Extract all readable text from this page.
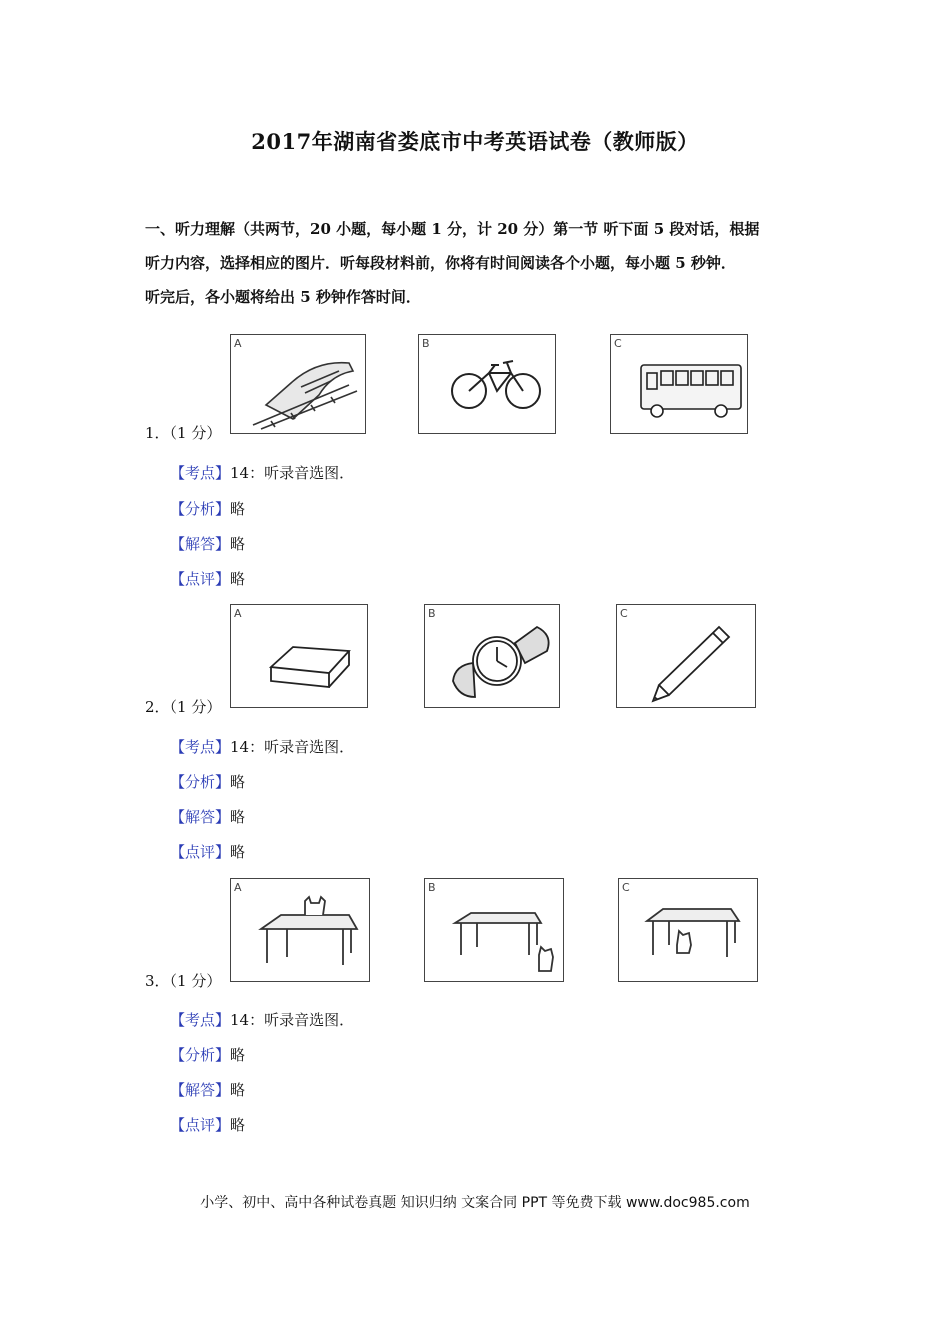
2017年湖南省娄底市中考英语试卷（教师版）

一、听力理解（共两节，20 小题，每小题 1 分，计 20 分）第一节 听下面 5 段对话，根据

听力内容，选择相应的图片．听每段材料前，你将有时间阅读各个小题，每小题 5 秒钟．

听完后，各小题将给出 5 秒钟作答时间．

A	B	C
1．（1 分）
【考点】14：听录音选图．
【分析】略
【解答】略
【点评】略
A	B	C
2．（1 分）
【考点】14：听录音选图．
【分析】略
【解答】略
【点评】略
A	B	C
3．（1 分）
【考点】14：听录音选图．
【分析】略
【解答】略
【点评】略
小学、初中、高中各种试卷真题 知识归纳 文案合同 PPT 等免费下载 www.doc985.com
